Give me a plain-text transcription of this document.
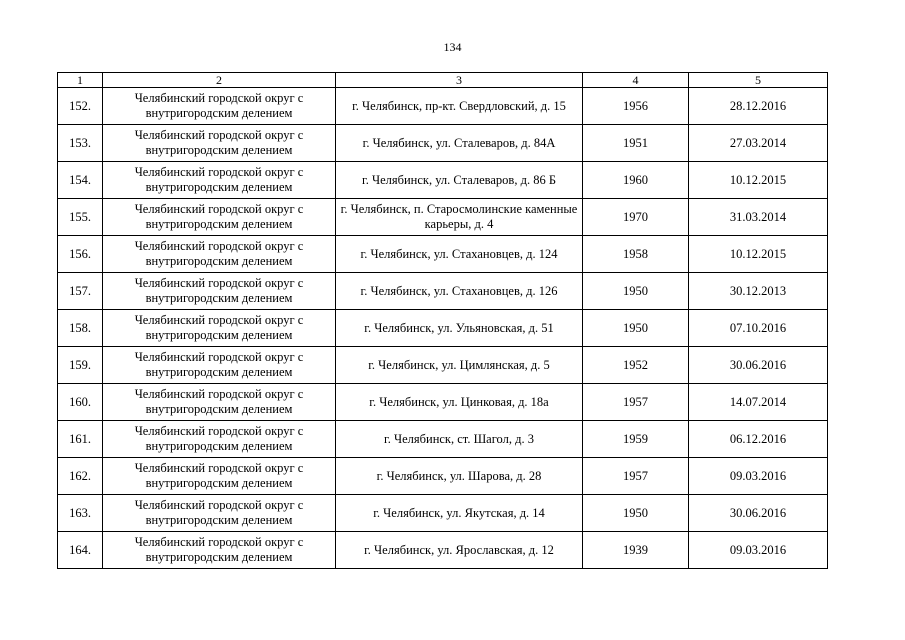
134
1	2	3	4	5
152.	Челябинский городской округ с внутригородским делением	г. Челябинск, пр-кт. Свердловский, д. 15	1956	28.12.2016
153.	Челябинский городской округ с внутригородским делением	г. Челябинск, ул. Сталеваров, д. 84А	1951	27.03.2014
154.	Челябинский городской округ с внутригородским делением	г. Челябинск, ул. Сталеваров, д. 86 Б	1960	10.12.2015
155.	Челябинский городской округ с внутригородским делением	г. Челябинск, п. Старосмолинские каменные карьеры, д. 4	1970	31.03.2014
156.	Челябинский городской округ с внутригородским делением	г. Челябинск, ул. Стахановцев, д. 124	1958	10.12.2015
157.	Челябинский городской округ с внутригородским делением	г. Челябинск, ул. Стахановцев, д. 126	1950	30.12.2013
158.	Челябинский городской округ с внутригородским делением	г. Челябинск, ул. Ульяновская, д. 51	1950	07.10.2016
159.	Челябинский городской округ с внутригородским делением	г. Челябинск, ул. Цимлянская, д. 5	1952	30.06.2016
160.	Челябинский городской округ с внутригородским делением	г. Челябинск, ул. Цинковая, д. 18а	1957	14.07.2014
161.	Челябинский городской округ с внутригородским делением	г. Челябинск, ст. Шагол, д. 3	1959	06.12.2016
162.	Челябинский городской округ с внутригородским делением	г. Челябинск, ул. Шарова, д. 28	1957	09.03.2016
163.	Челябинский городской округ с внутригородским делением	г. Челябинск, ул. Якутская, д. 14	1950	30.06.2016
164.	Челябинский городской округ с внутригородским делением	г. Челябинск, ул. Ярославская, д. 12	1939	09.03.2016
